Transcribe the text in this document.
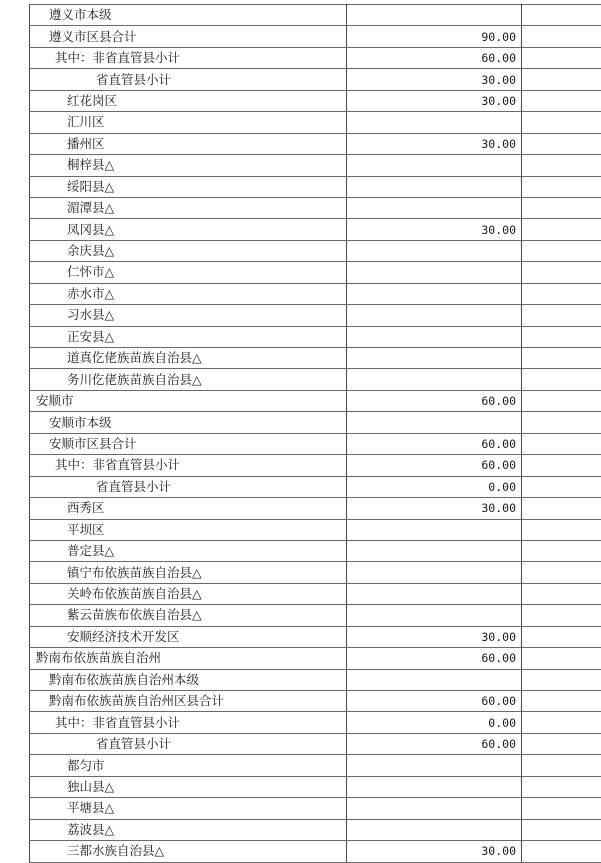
遵义市本级		
遵义市区县合计	90.00	
其中：非省直管县小计	60.00	
省直管县小计	30.00	
红花岗区	30.00	
汇川区		
播州区	30.00	
桐梓县△		
绥阳县△		
湄潭县△		
凤冈县△	30.00	
余庆县△		
仁怀市△		
赤水市△		
习水县△		
正安县△		
道真仡佬族苗族自治县△		
务川仡佬族苗族自治县△		
安顺市	60.00	
安顺市本级		
安顺市区县合计	60.00	
其中：非省直管县小计	60.00	
省直管县小计	0.00	
西秀区	30.00	
平坝区		
普定县△		
镇宁布依族苗族自治县△		
关岭布依族苗族自治县△		
紫云苗族布依族自治县△		
安顺经济技术开发区	30.00	
黔南布依族苗族自治州	60.00	
黔南布依族苗族自治州本级		
黔南布依族苗族自治州区县合计	60.00	
其中：非省直管县小计	0.00	
省直管县小计	60.00	
都匀市		
独山县△		
平塘县△		
荔波县△		
三都水族自治县△	30.00	
